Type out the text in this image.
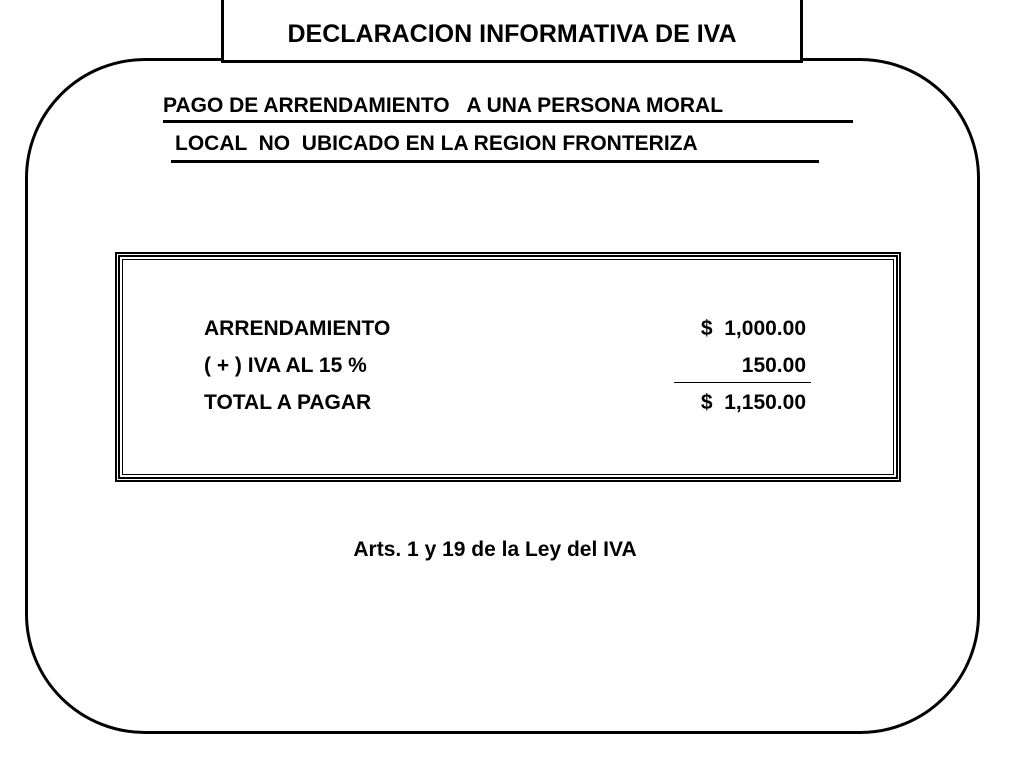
DECLARACION INFORMATIVA DE IVA
PAGO DE ARRENDAMIENTO   A UNA PERSONA MORAL
LOCAL  NO  UBICADO EN LA REGION FRONTERIZA
ARRENDAMIENTO	$  1,000.00
( + ) IVA AL 15 %	150.00
TOTAL A PAGAR	$  1,150.00
Arts. 1 y 19 de la Ley del IVA
